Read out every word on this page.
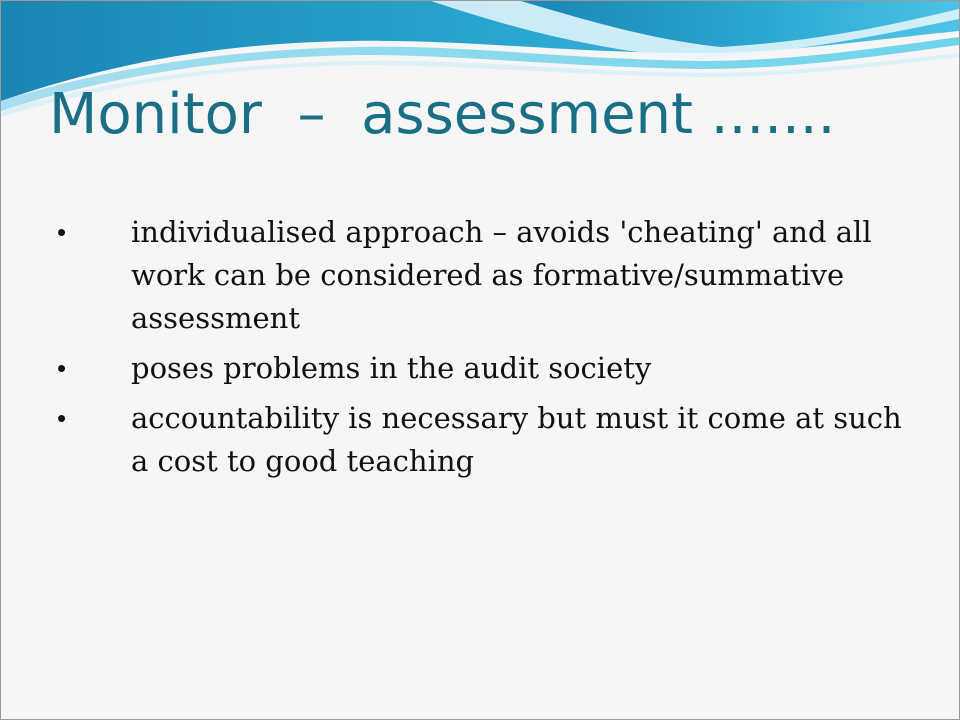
Monitor  –  assessment .......
• individualised approach – avoids 'cheating' and all work can be considered as formative/summative assessment
• poses problems in the audit society
• accountability is necessary but must it come at such a cost to good teaching
